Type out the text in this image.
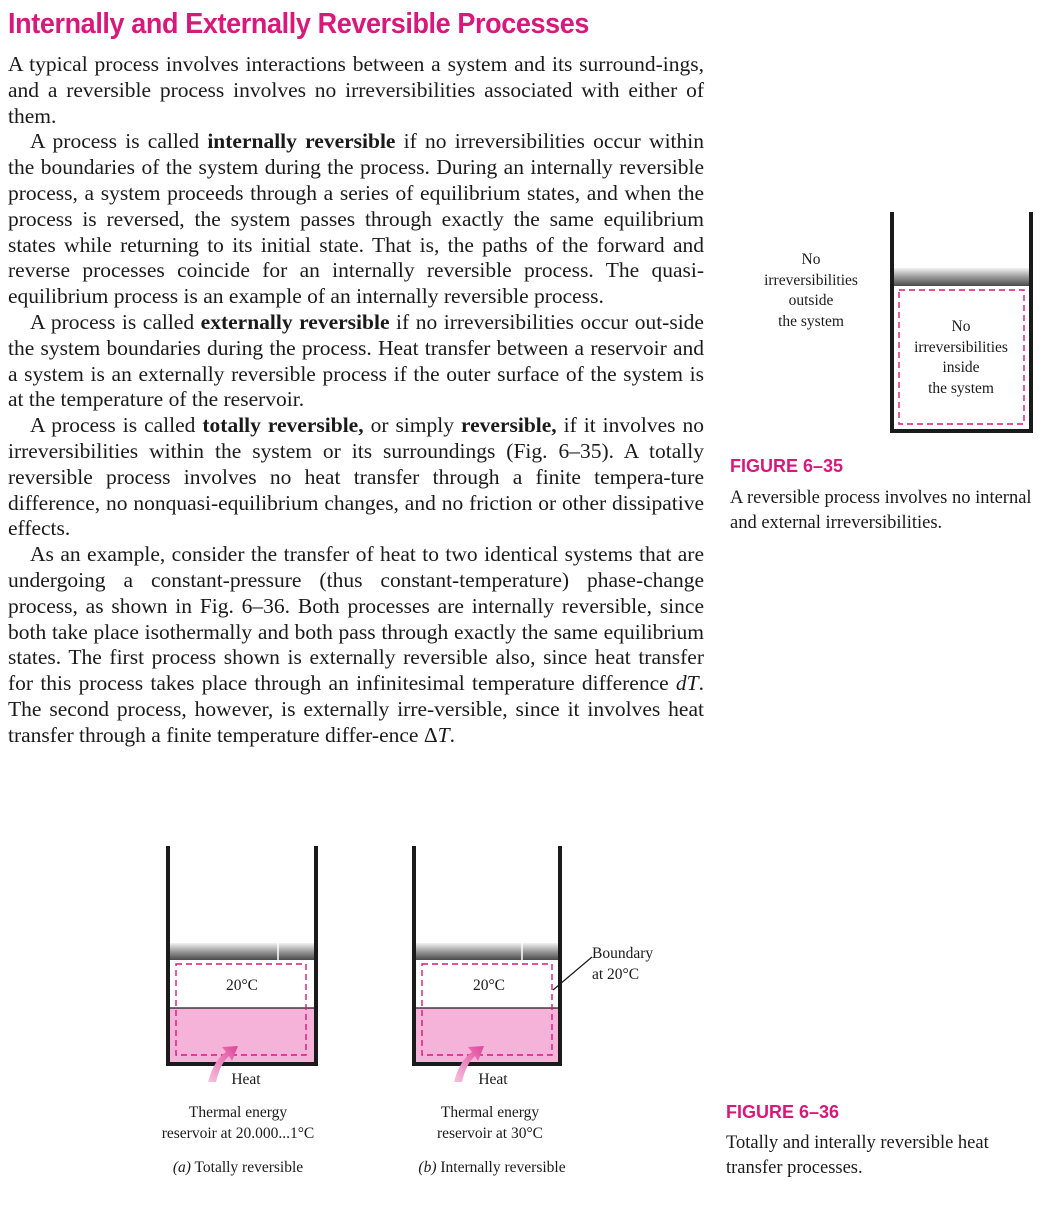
Internally and Externally Reversible Processes

A typical process involves interactions between a system and its surround-ings, and a reversible process involves no irreversibilities associated with either of them.

A process is called internally reversible if no irreversibilities occur within the boundaries of the system during the process. During an internally reversible process, a system proceeds through a series of equilibrium states, and when the process is reversed, the system passes through exactly the same equilibrium states while returning to its initial state. That is, the paths of the forward and reverse processes coincide for an internally reversible process. The quasi-equilibrium process is an example of an internally reversible process.

A process is called externally reversible if no irreversibilities occur out-side the system boundaries during the process. Heat transfer between a reservoir and a system is an externally reversible process if the outer surface of the system is at the temperature of the reservoir.

A process is called totally reversible, or simply reversible, if it involves no irreversibilities within the system or its surroundings (Fig. 6–35). A totally reversible process involves no heat transfer through a finite tempera-ture difference, no nonquasi-equilibrium changes, and no friction or other dissipative effects.

As an example, consider the transfer of heat to two identical systems that are undergoing a constant-pressure (thus constant-temperature) phase-change process, as shown in Fig. 6–36. Both processes are internally reversible, since both take place isothermally and both pass through exactly the same equilibrium states. The first process shown is externally reversible also, since heat transfer for this process takes place through an infinitesimal temperature difference dT. The second process, however, is externally irre-versible, since it involves heat transfer through a finite temperature differ-ence ΔT.

No
irreversibilities
outside
the system	No
irreversibilities
inside
the system
FIGURE 6–35
A reversible process involves no internal and external irreversibilities.
20°C
Heat
Thermal energy
reservoir at 20.000...1°C
(a) Totally reversible
20°C
Heat
Thermal energy
reservoir at 30°C
(b) Internally reversible
Boundary
at 20°C
FIGURE 6–36
Totally and interally reversible heat transfer processes.
